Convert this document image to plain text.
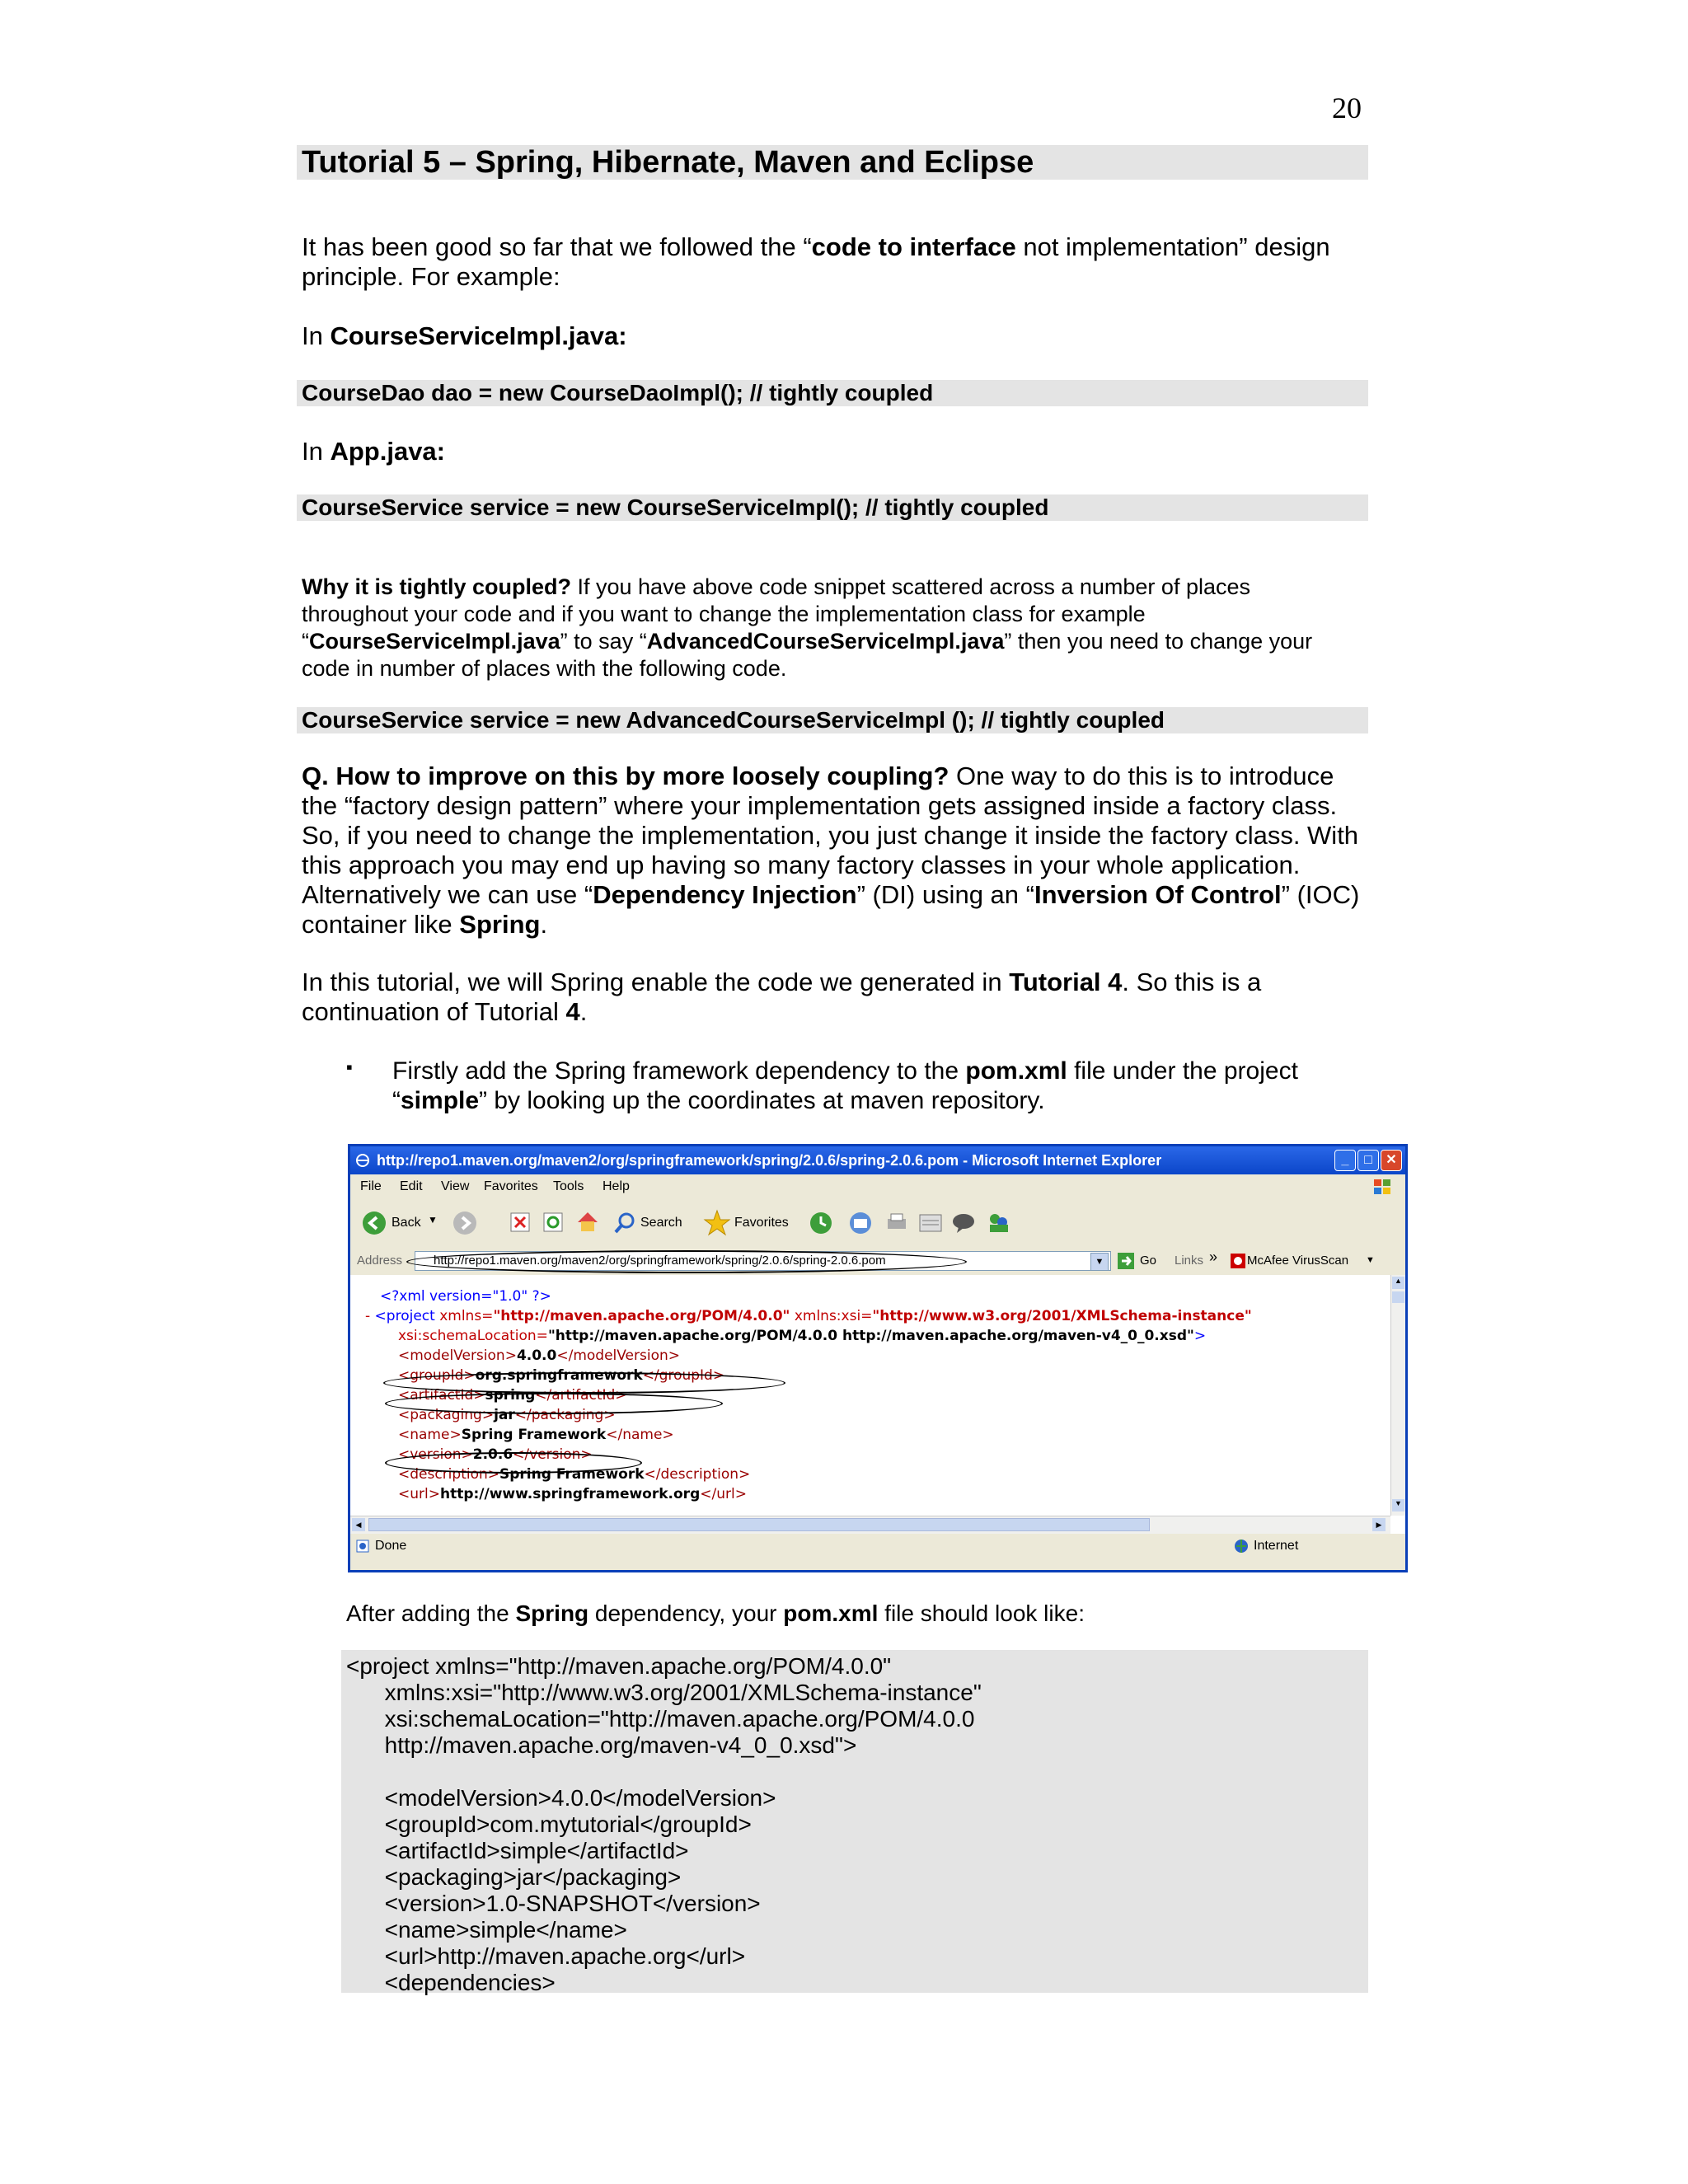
20
Tutorial 5 – Spring, Hibernate, Maven and Eclipse
It has been good so far that we followed the “code to interface not implementation” design
principle. For example:
In CourseServiceImpl.java:
CourseDao dao = new CourseDaoImpl(); // tightly coupled
In App.java:
CourseService service = new CourseServiceImpl(); // tightly coupled
Why it is tightly coupled? If you have above code snippet scattered across a number of places
throughout your code and if you want to change the implementation class for example
“CourseServiceImpl.java” to say “AdvancedCourseServiceImpl.java” then you need to change your
code in number of places with the following code.
CourseService service = new AdvancedCourseServiceImpl (); // tightly coupled
Q. How to improve on this by more loosely coupling? One way to do this is to introduce
the “factory design pattern” where your implementation gets assigned inside a factory class.
So, if you need to change the implementation, you just change it inside the factory class. With
this approach you may end up having so many factory classes in your whole application.
Alternatively we can use “Dependency Injection” (DI) using an “Inversion Of Control” (IOC)
container like Spring.
In this tutorial, we will Spring enable the code we generated in Tutorial 4. So this is a
continuation of Tutorial 4.
▪ Firstly add the Spring framework dependency to the pom.xml file under the project
“simple” by looking up the coordinates at maven repository.
http://repo1.maven.org/maven2/org/springframework/spring/2.0.6/spring-2.0.6.pom - Microsoft Internet Explorer	_	□	✕
File Edit View Favorites Tools Help
Back ▼	Search	Favorites
Address	http://repo1.maven.org/maven2/org/springframework/spring/2.0.6/spring-2.0.6.pom	▼	Go Links » McAfee VirusScan ▼
<?xml version="1.0" ?>
- <project xmlns="http://maven.apache.org/POM/4.0.0" xmlns:xsi="http://www.w3.org/2001/XMLSchema-instance"
xsi:schemaLocation="http://maven.apache.org/POM/4.0.0 http://maven.apache.org/maven-v4_0_0.xsd">
<modelVersion>4.0.0</modelVersion>
<groupId>org.springframework</groupId>
<artifactId>spring</artifactId>
<packaging>jar</packaging>
<name>Spring Framework</name>
<version>2.0.6</version>
<description>Spring Framework</description>
<url>http://www.springframework.org</url>
▲
▼
◀	▶
Done	Internet
After adding the Spring dependency, your pom.xml file should look like:
<project xmlns="http://maven.apache.org/POM/4.0.0"
xmlns:xsi="http://www.w3.org/2001/XMLSchema-instance"
xsi:schemaLocation="http://maven.apache.org/POM/4.0.0
http://maven.apache.org/maven-v4_0_0.xsd">

<modelVersion>4.0.0</modelVersion>
<groupId>com.mytutorial</groupId>
<artifactId>simple</artifactId>
<packaging>jar</packaging>
<version>1.0-SNAPSHOT</version>
<name>simple</name>
<url>http://maven.apache.org</url>
<dependencies>
